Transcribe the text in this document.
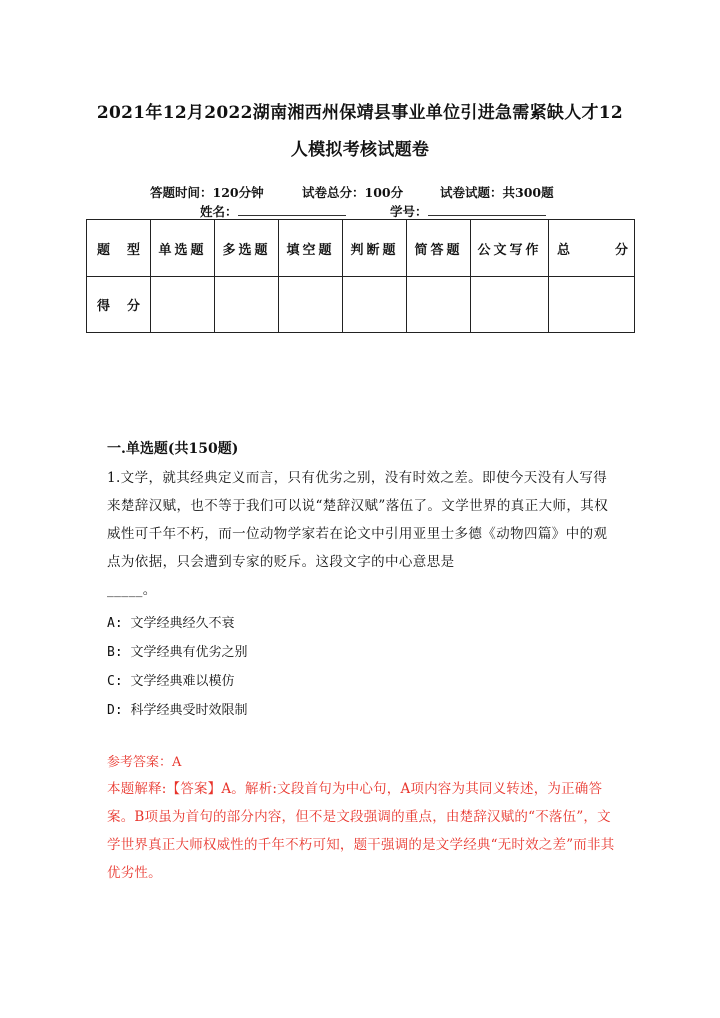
2021年12月2022湖南湘西州保靖县事业单位引进急需紧缺人才12
人模拟考核试题卷
答题时间：120分钟	试卷总分：100分	试卷试题：共300题
姓名：	学号：
题 型	单选题	多选题	填空题	判断题	简答题	公文写作	总 分

得 分							

一.单选题(共150题)
1.文学，就其经典定义而言，只有优劣之别，没有时效之差。即使今天没有人写得来楚辞汉赋，也不等于我们可以说“楚辞汉赋”落伍了。文学世界的真正大师，其权威性可千年不朽，而一位动物学家若在论文中引用亚里士多德《动物四篇》中的观点为依据，只会遭到专家的贬斥。这段文字的中心意思是
_____。
A: 文学经典经久不衰
B: 文学经典有优劣之别
C: 文学经典难以模仿
D: 科学经典受时效限制
参考答案：A
本题解释:【答案】A。解析:文段首句为中心句，A项内容为其同义转述，为正确答案。B项虽为首句的部分内容，但不是文段强调的重点，由楚辞汉赋的“不落伍”，文学世界真正大师权威性的千年不朽可知，题干强调的是文学经典“无时效之差”而非其优劣性。
